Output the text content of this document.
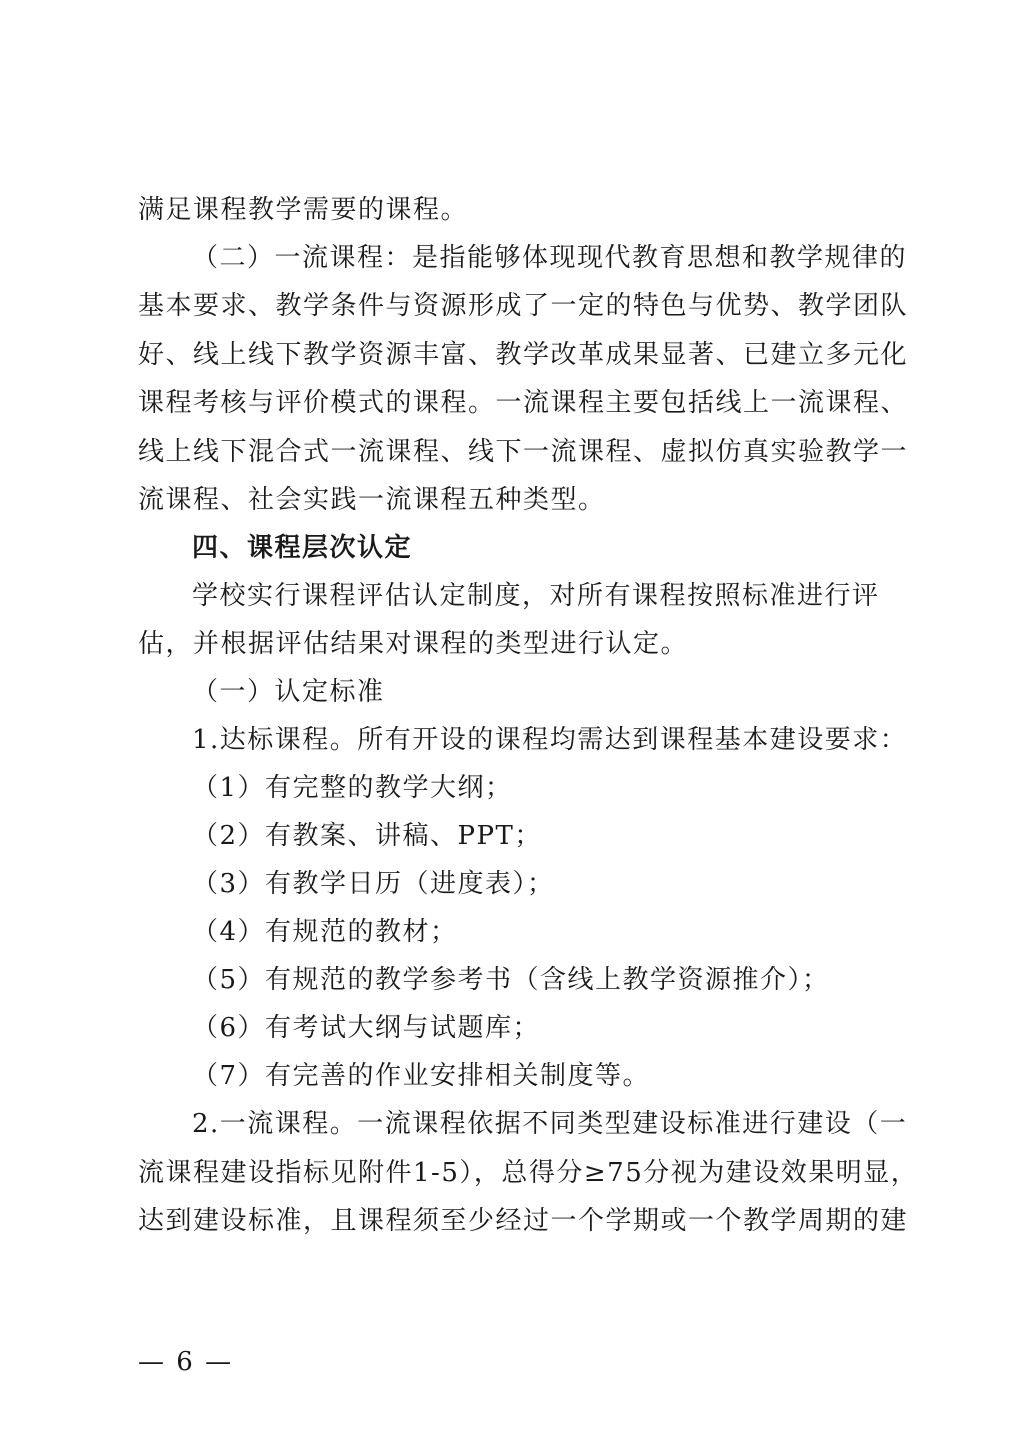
满足课程教学需要的课程。
（二）一流课程：是指能够体现现代教育思想和教学规律的
基本要求、教学条件与资源形成了一定的特色与优势、教学团队
好、线上线下教学资源丰富、教学改革成果显著、已建立多元化
课程考核与评价模式的课程。一流课程主要包括线上一流课程、
线上线下混合式一流课程、线下一流课程、虚拟仿真实验教学一
流课程、社会实践一流课程五种类型。
四、课程层次认定
学校实行课程评估认定制度，对所有课程按照标准进行评
估，并根据评估结果对课程的类型进行认定。
（一）认定标准
1.达标课程。所有开设的课程均需达到课程基本建设要求：
（1）有完整的教学大纲；
（2）有教案、讲稿、PPT；
（3）有教学日历（进度表）；
（4）有规范的教材；
（5）有规范的教学参考书（含线上教学资源推介）；
（6）有考试大纲与试题库；
（7）有完善的作业安排相关制度等。
2.一流课程。一流课程依据不同类型建设标准进行建设（一
流课程建设指标见附件1-5），总得分≥75分视为建设效果明显，
达到建设标准，且课程须至少经过一个学期或一个教学周期的建
— 6 —
